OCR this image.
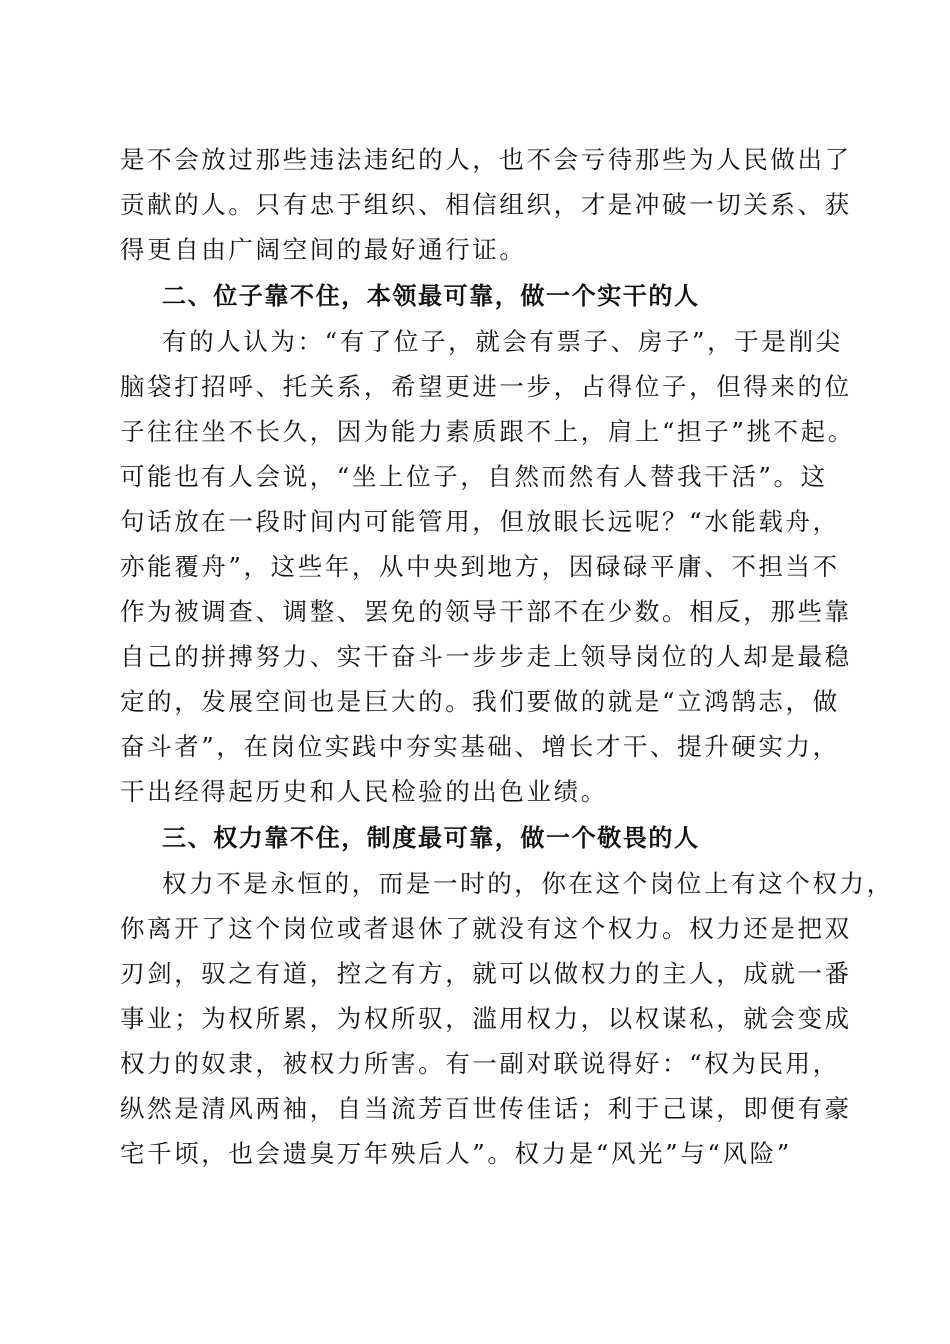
是不会放过那些违法违纪的人，也不会亏待那些为人民做出了
贡献的人。只有忠于组织、相信组织，才是冲破一切关系、获
得更自由广阔空间的最好通行证。
二、位子靠不住，本领最可靠，做一个实干的人
有的人认为：“有了位子，就会有票子、房子”，于是削尖
脑袋打招呼、托关系，希望更进一步，占得位子，但得来的位
子往往坐不长久，因为能力素质跟不上，肩上“担子”挑不起。
可能也有人会说，“坐上位子，自然而然有人替我干活”。这
句话放在一段时间内可能管用，但放眼长远呢？“水能载舟，
亦能覆舟”，这些年，从中央到地方，因碌碌平庸、不担当不
作为被调查、调整、罢免的领导干部不在少数。相反，那些靠
自己的拼搏努力、实干奋斗一步步走上领导岗位的人却是最稳
定的，发展空间也是巨大的。我们要做的就是“立鸿鹄志，做
奋斗者”，在岗位实践中夯实基础、增长才干、提升硬实力，
干出经得起历史和人民检验的出色业绩。
三、权力靠不住，制度最可靠，做一个敬畏的人
权力不是永恒的，而是一时的，你在这个岗位上有这个权力，
你离开了这个岗位或者退休了就没有这个权力。权力还是把双
刃剑，驭之有道，控之有方，就可以做权力的主人，成就一番
事业；为权所累，为权所驭，滥用权力，以权谋私，就会变成
权力的奴隶，被权力所害。有一副对联说得好：“权为民用，
纵然是清风两袖，自当流芳百世传佳话；利于己谋，即便有豪
宅千顷，也会遗臭万年殃后人”。权力是“风光”与“风险”
